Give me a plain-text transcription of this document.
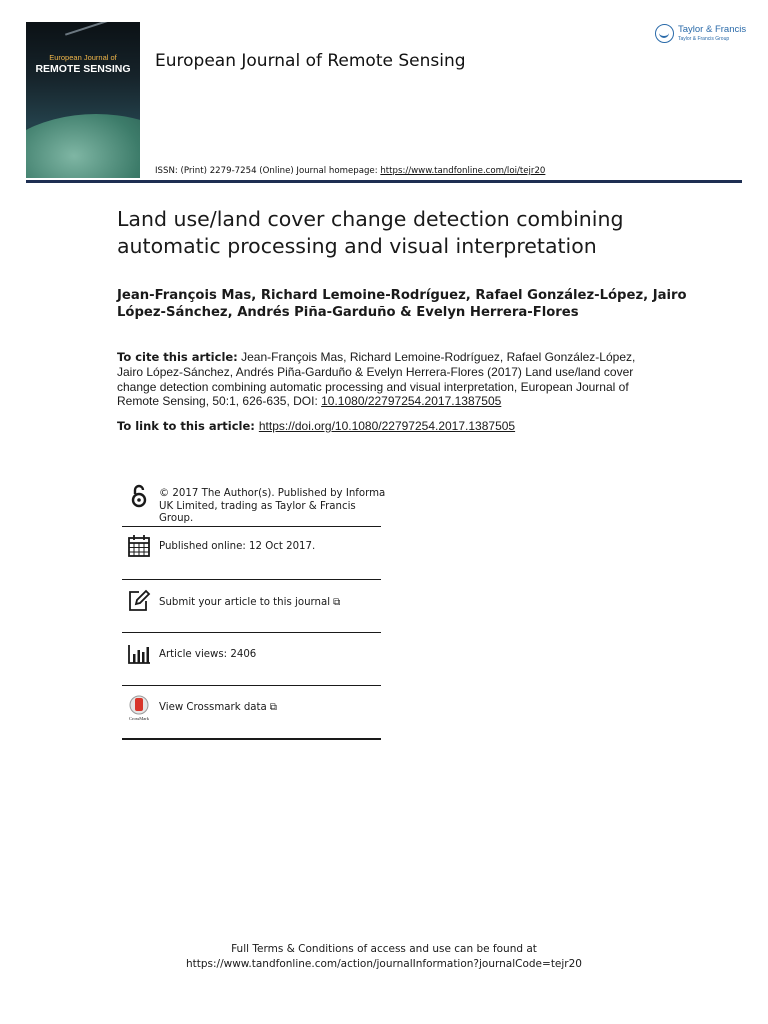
European Journal of
REMOTE SENSING	European Journal of Remote Sensing
ISSN: (Print) 2279-7254 (Online) Journal homepage: https://www.tandfonline.com/loi/tejr20
Taylor & Francis
Taylor & Francis Group
Land use/land cover change detection combining automatic processing and visual interpretation
Jean-François Mas, Richard Lemoine-Rodríguez, Rafael González-López, Jairo López-Sánchez, Andrés Piña-Garduño & Evelyn Herrera-Flores
To cite this article: Jean-François Mas, Richard Lemoine-Rodríguez, Rafael González-López, Jairo López-Sánchez, Andrés Piña-Garduño & Evelyn Herrera-Flores (2017) Land use/land cover change detection combining automatic processing and visual interpretation, European Journal of Remote Sensing, 50:1, 626-635, DOI: 10.1080/22797254.2017.1387505
To link to this article: https://doi.org/10.1080/22797254.2017.1387505
© 2017 The Author(s). Published by Informa UK Limited, trading as Taylor & Francis Group.
Published online: 12 Oct 2017.
Submit your article to this journal ⧉
Article views: 2406
CrossMark
View Crossmark data ⧉
Full Terms & Conditions of access and use can be found at
https://www.tandfonline.com/action/journalInformation?journalCode=tejr20
